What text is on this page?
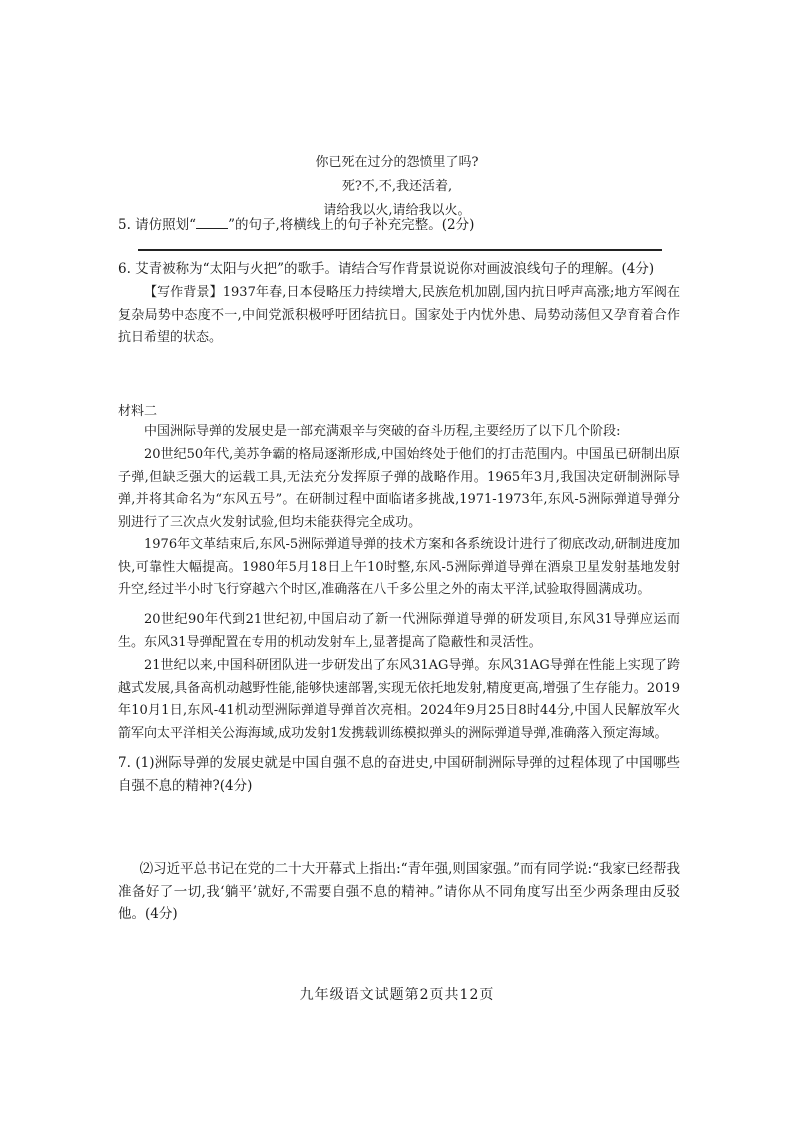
你已死在过分的怨愤里了吗?
死?不,不,我还活着,
请给我以火,请给我以火。
5. 请仿照划“ ”的句子,将横线上的句子补充完整。(2分)
6. 艾青被称为“太阳与火把”的歌手。请结合写作背景说说你对画波浪线句子的理解。(4分)

【写作背景】1937年春,日本侵略压力持续增大,民族危机加剧,国内抗日呼声高涨;地方军阀在复杂局势中态度不一,中间党派积极呼吁团结抗日。国家处于内忧外患、局势动荡但又孕育着合作抗日希望的状态。

材料二

中国洲际导弹的发展史是一部充满艰辛与突破的奋斗历程,主要经历了以下几个阶段:

20世纪50年代,美苏争霸的格局逐渐形成,中国始终处于他们的打击范围内。中国虽已研制出原子弹,但缺乏强大的运载工具,无法充分发挥原子弹的战略作用。1965年3月,我国决定研制洲际导弹,并将其命名为“东风五号”。在研制过程中面临诸多挑战,1971-1973年,东风-5洲际弹道导弹分别进行了三次点火发射试验,但均未能获得完全成功。

1976年文革结束后,东风-5洲际弹道导弹的技术方案和各系统设计进行了彻底改动,研制进度加快,可靠性大幅提高。1980年5月18日上午10时整,东风-5洲际弹道导弹在酒泉卫星发射基地发射升空,经过半小时飞行穿越六个时区,准确落在八千多公里之外的南太平洋,试验取得圆满成功。

20世纪90年代到21世纪初,中国启动了新一代洲际弹道导弹的研发项目,东风31导弹应运而生。东风31导弹配置在专用的机动发射车上,显著提高了隐蔽性和灵活性。

21世纪以来,中国科研团队进一步研发出了东风31AG导弹。东风31AG导弹在性能上实现了跨越式发展,具备高机动越野性能,能够快速部署,实现无依托地发射,精度更高,增强了生存能力。2019年10月1日,东风-41机动型洲际弹道导弹首次亮相。2024年9月25日8时44分,中国人民解放军火箭军向太平洋相关公海海域,成功发射1发携载训练模拟弹头的洲际弹道导弹,准确落入预定海域。

7. (1)洲际导弹的发展史就是中国自强不息的奋进史,中国研制洲际导弹的过程体现了中国哪些自强不息的精神?(4分)

⑵习近平总书记在党的二十大开幕式上指出:“青年强,则国家强。”而有同学说:“我家已经帮我准备好了一切,我‘躺平’就好,不需要自强不息的精神。”请你从不同角度写出至少两条理由反驳他。(4分)

九年级语文试题第2页共12页
